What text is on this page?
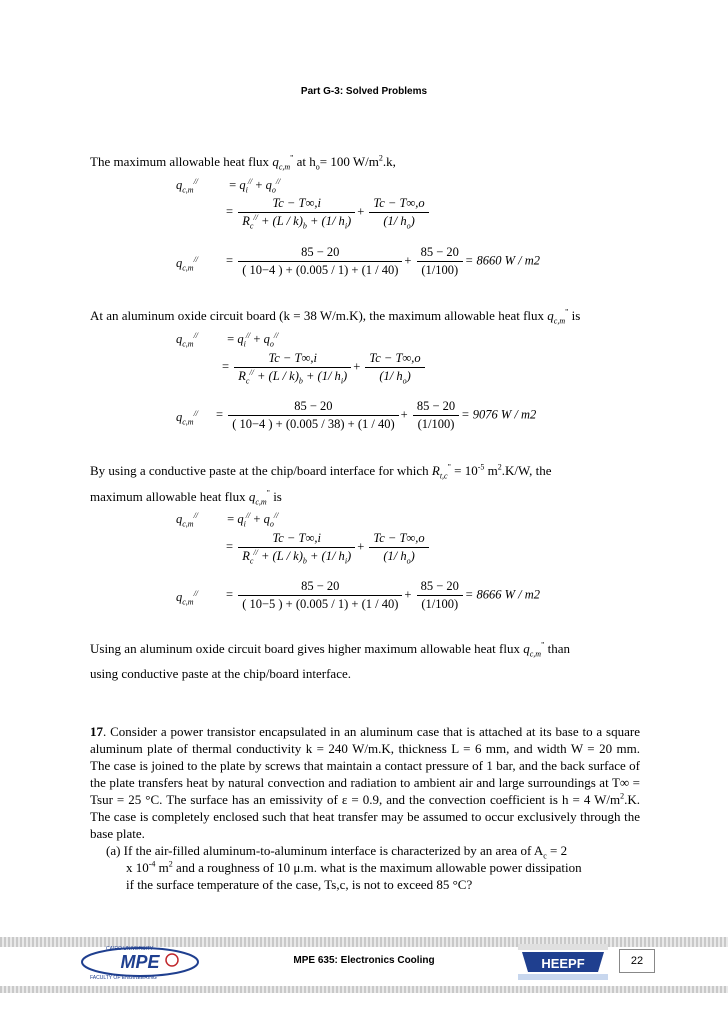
Part G-3: Solved Problems
The maximum allowable heat flux $q_{c,m}^"$ at $h_o= 100$ $W/m^2.k$,
$q_{c,m}^{//} = q_i^{//} + q_o^{//}$
= $\frac{Tc - T\infty,i}{R_c^{//} + (L / k)_b + (1/ h_i)} + \frac{Tc - T\infty,o}{(1/ h_o)}$
$q_{c,m}^{//} = \frac{85 - 20}{( 10-4 ) + (0.005 / 1) + (1 / 40)} + \frac{85 - 20}{(1/100)} = 8660$ W / m2
At an aluminum oxide circuit board (k = 38 W/m.K), the maximum allowable heat flux $q_{c,m}^"$ is
$q_{c,m}^{//} = q_i^{//} + q_o^{//}$
= $\frac{Tc - T\infty,i}{R_c^{//} + (L / k)_b + (1/ h_i)} + \frac{Tc - T\infty,o}{(1/ h_o)}$
$q_{c,m}^{//} = \frac{85 - 20}{( 10-4 ) + (0.005 / 38) + (1 / 40)} + \frac{85 - 20}{(1/100)} = 9076$ W / m2
By using a conductive paste at the chip/board interface for which $R_{t,c}^" = 10^{-5}$ $m^2.K/W$, the
maximum allowable heat flux $q_{c,m}^"$ is
$q_{c,m}^{//} = q_i^{//} + q_o^{//}$
= $\frac{Tc - T\infty,i}{R_c^{//} + (L / k)_b + (1/ h_i)} + \frac{Tc - T\infty,o}{(1/ h_o)}$
$q_{c,m}^{//} = \frac{85 - 20}{( 10-5 ) + (0.005 / 1) + (1 / 40)} + \frac{85 - 20}{(1/100)} = 8666$ W / m2
Using an aluminum oxide circuit board gives higher maximum allowable heat flux $q_{c,m}^"$ than
using conductive paste at the chip/board interface.
17. Consider a power transistor encapsulated in an aluminum case that is attached at its base to a square aluminum plate of thermal conductivity k = 240 W/m.K, thickness L = 6 mm, and width W = 20 mm. The case is joined to the plate by screws that maintain a contact pressure of 1 bar, and the back surface of the plate transfers heat by natural convection and radiation to ambient air and large surroundings at T∞ = Tsur = 25 °C. The surface has an emissivity of ε = 0.9, and the convection coefficient is h = 4 $W/m^2.K$. The case is completely enclosed such that heat transfer may be assumed to occur exclusively through the base plate.
(a) If the air-filled aluminum-to-aluminum interface is characterized by an area of $A_c = 2$
x $10^{-4}$ $m^2$ and a roughness of 10 μ.m. what is the maximum allowable power dissipation
if the surface temperature of the case, Ts,c, is not to exceed 85 °C?
MPE
CAIRO UNIVERSITY
FACULTY OF ENGINEERING
MPE 635: Electronics Cooling	HEEPF	22
